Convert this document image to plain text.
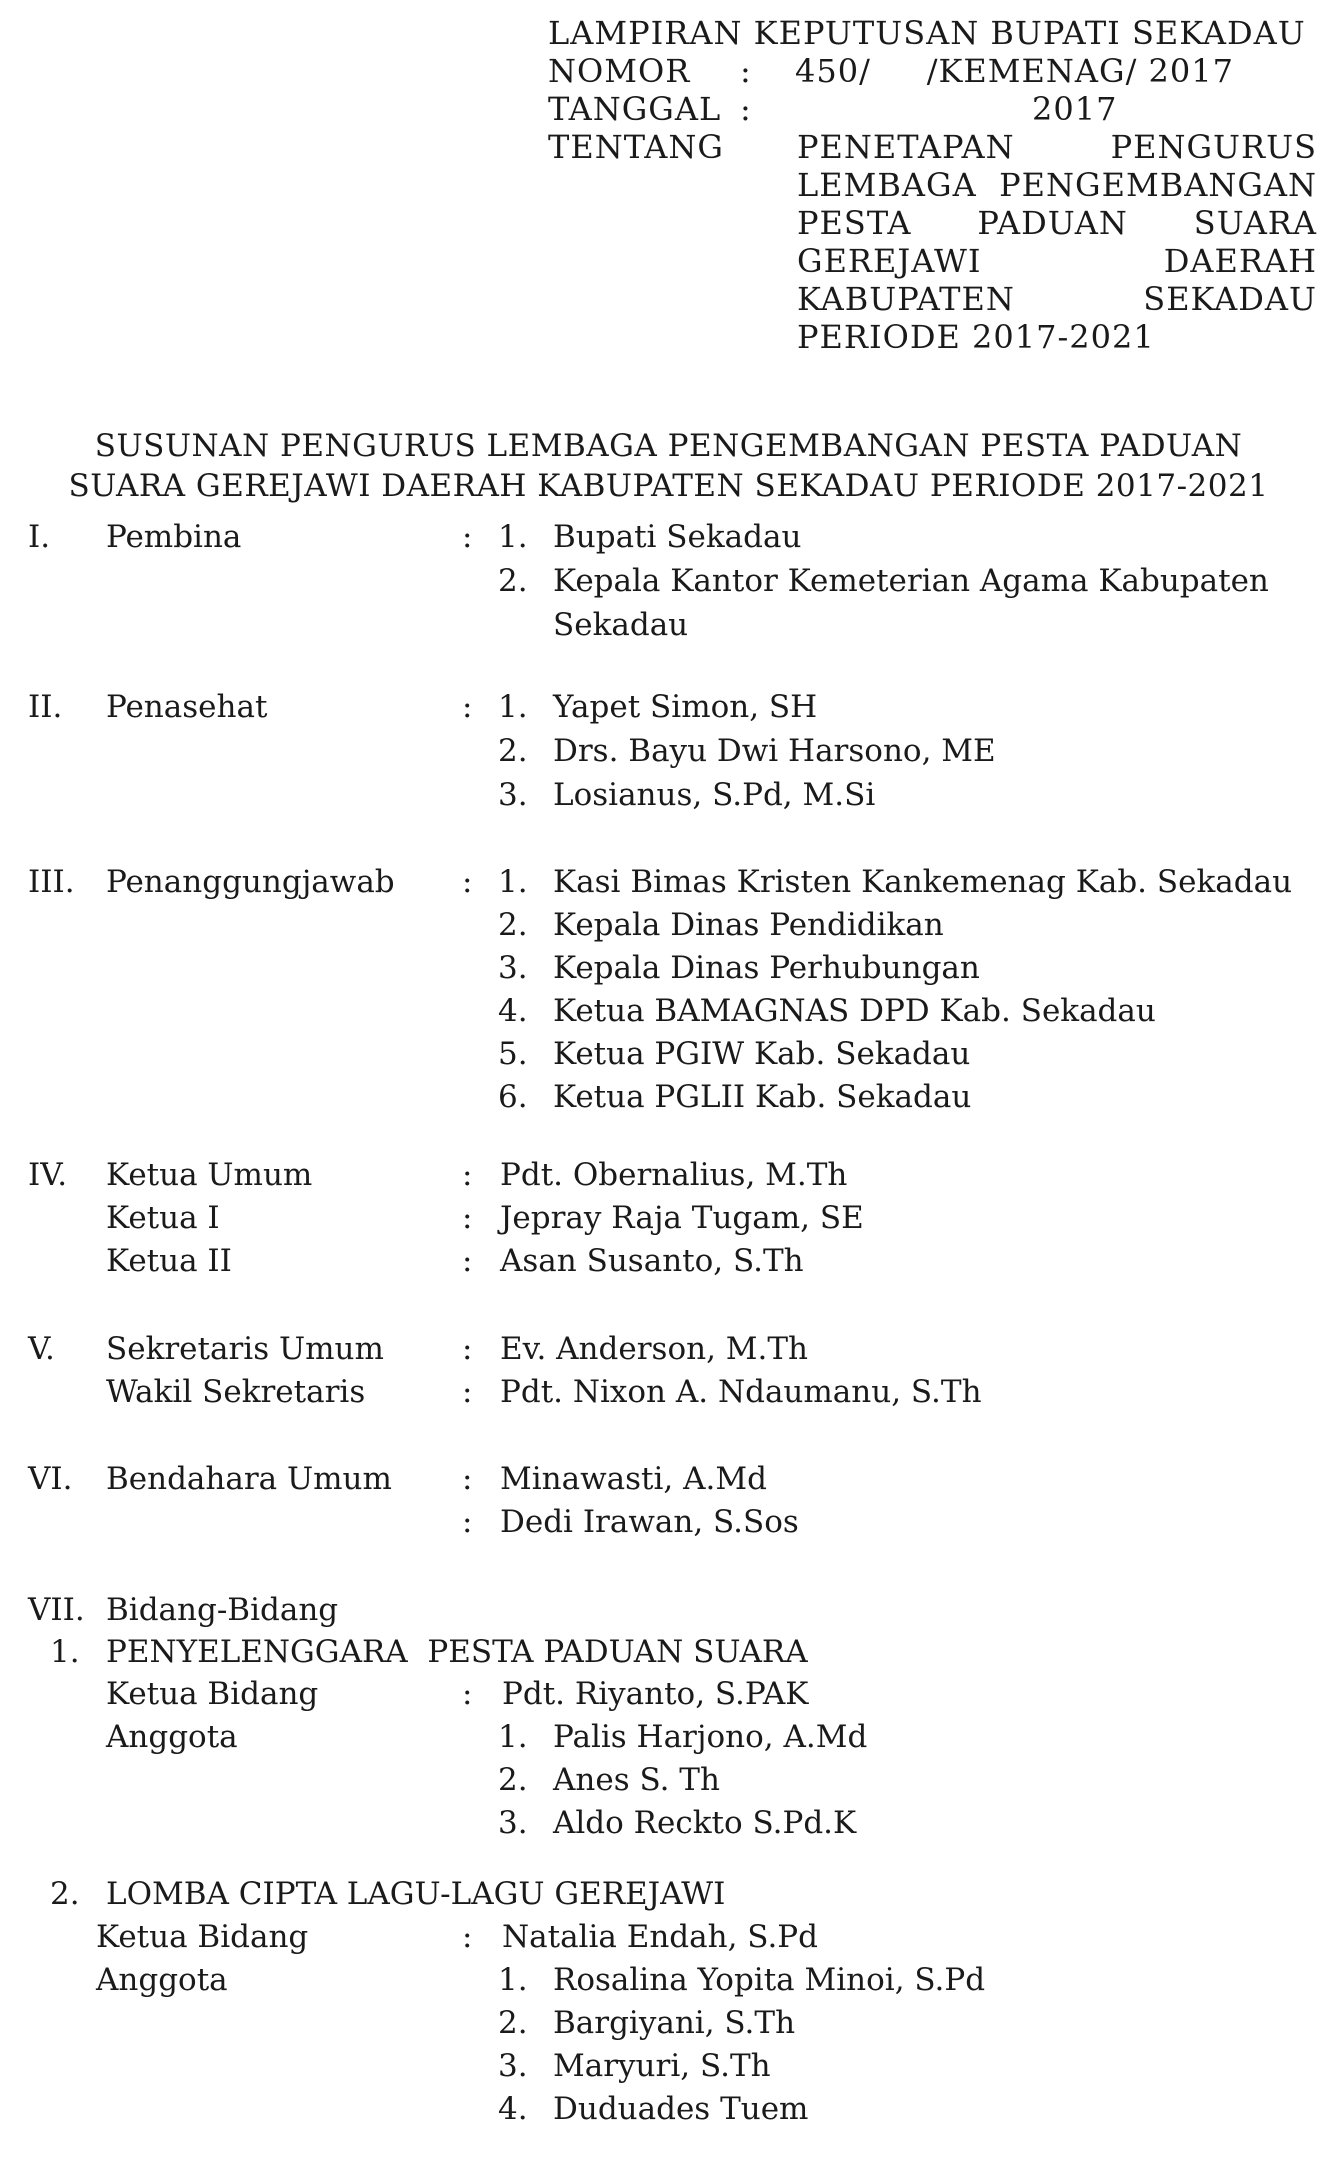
LAMPIRAN KEPUTUSAN BUPATI SEKADAU
NOMOR : 450/     /KEMENAG/ 2017
TANGGAL :	2017
TENTANG PENETAPAN	PENGURUS
LEMBAGA PENGEMBANGAN
PESTA PADUAN SUARA
GEREJAWI	DAERAH
KABUPATEN	SEKADAU
PERIODE 2017-2021
SUSUNAN PENGURUS LEMBAGA PENGEMBANGAN PESTA PADUAN
SUARA GEREJAWI DAERAH KABUPATEN SEKADAU PERIODE 2017-2021
I. Pembina	: 1. Bupati Sekadau
2. Kepala Kantor Kemeterian Agama Kabupaten
Sekadau
II. Penasehat	: 1. Yapet Simon, SH
2. Drs. Bayu Dwi Harsono, ME
3. Losianus, S.Pd, M.Si
III. Penanggungjawab : 1. Kasi Bimas Kristen Kankemenag Kab. Sekadau
2. Kepala Dinas Pendidikan
3. Kepala Dinas Perhubungan
4. Ketua BAMAGNAS DPD Kab. Sekadau
5. Ketua PGIW Kab. Sekadau
6. Ketua PGLII Kab. Sekadau
IV. Ketua Umum	: Pdt. Obernalius, M.Th
Ketua I	: Jepray Raja Tugam, SE
Ketua II	: Asan Susanto, S.Th
V. Sekretaris Umum	: Ev. Anderson, M.Th
Wakil Sekretaris	: Pdt. Nixon A. Ndaumanu, S.Th
VI. Bendahara Umum : Minawasti, A.Md
: Dedi Irawan, S.Sos
VII. Bidang-Bidang
1. PENYELENGGARA  PESTA PADUAN SUARA
Ketua Bidang	: Pdt. Riyanto, S.PAK
Anggota	1. Palis Harjono, A.Md
2. Anes S. Th
3. Aldo Reckto S.Pd.K
2. LOMBA CIPTA LAGU-LAGU GEREJAWI
Ketua Bidang	: Natalia Endah, S.Pd
Anggota	1. Rosalina Yopita Minoi, S.Pd
2. Bargiyani, S.Th
3. Maryuri, S.Th
4. Duduades Tuem
